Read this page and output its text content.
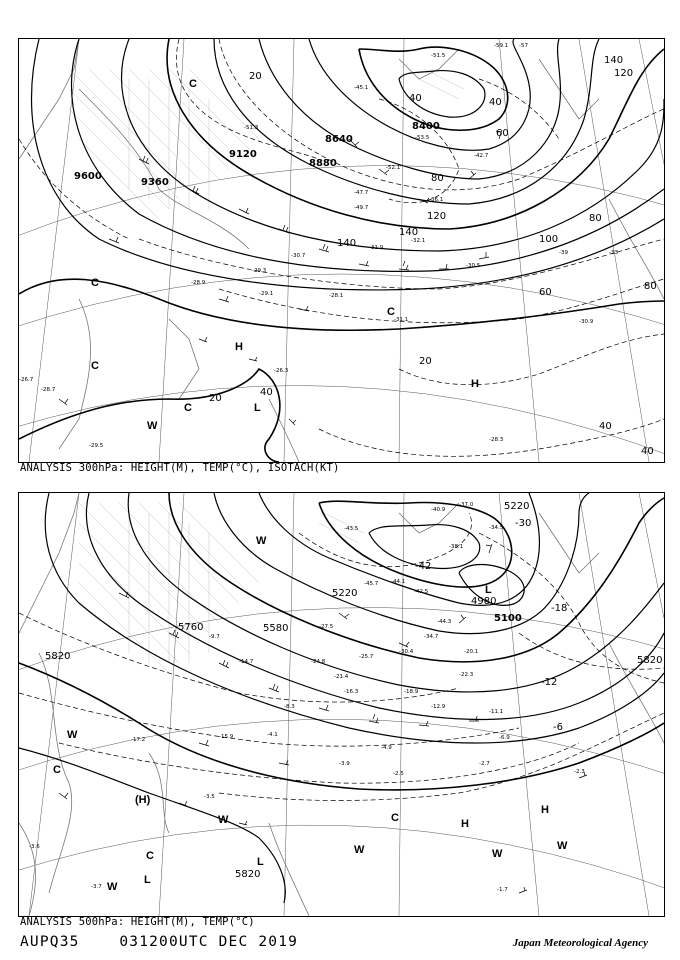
20
20
20
40	40
40
40
40
60
60
80
80
80
100
120
120
140
140
140
9600
9360
9120
8880
8640
8400
-51.5
-53.5
-45.1
-47.7
-42.7
-32.1
-30.5
-31.1
-28.1
-30.9
-29.1
-26.7
-28.7
-28.3
-29.5
-26.3
-59.1 -57
-39	-33
-49.7
-52.1
-51.3
-30.7
-29.3
-36.1
-28.9
-31.9
H
H
L
C
C
C
C
C
W
ANALYSIS 300hPa: HEIGHT(M), TEMP(°C), ISOTACH(KT)
-42
-30
-18
-12
-6
5820	5820
5820
5220
5220
5100
4980
5760	5580
-40.9
-37.0
-34.5
-38.1
-43.5
-44.1
-42.5
-45.7
-44.3
-34.7
-30.4
-27.5
-25.7
-22.3
-20.1
-18.9
-16.3
-14.7
-12.9
-11.1
-9.7
-8.3
-6.9
-4.9
-3.9
-2.5
-2.7
-2.3
-1.7
-4.1
-3.5
-3.6
-3.7
-24.8
-21.4
-15.9
-17.2
(H)
H
H
L
L
L
C
C
C
W
W
W	W
W
W
W
ANALYSIS 500hPa: HEIGHT(M), TEMP(°C)
AUPQ35	031200UTC DEC 2019	Japan Meteorological Agency
